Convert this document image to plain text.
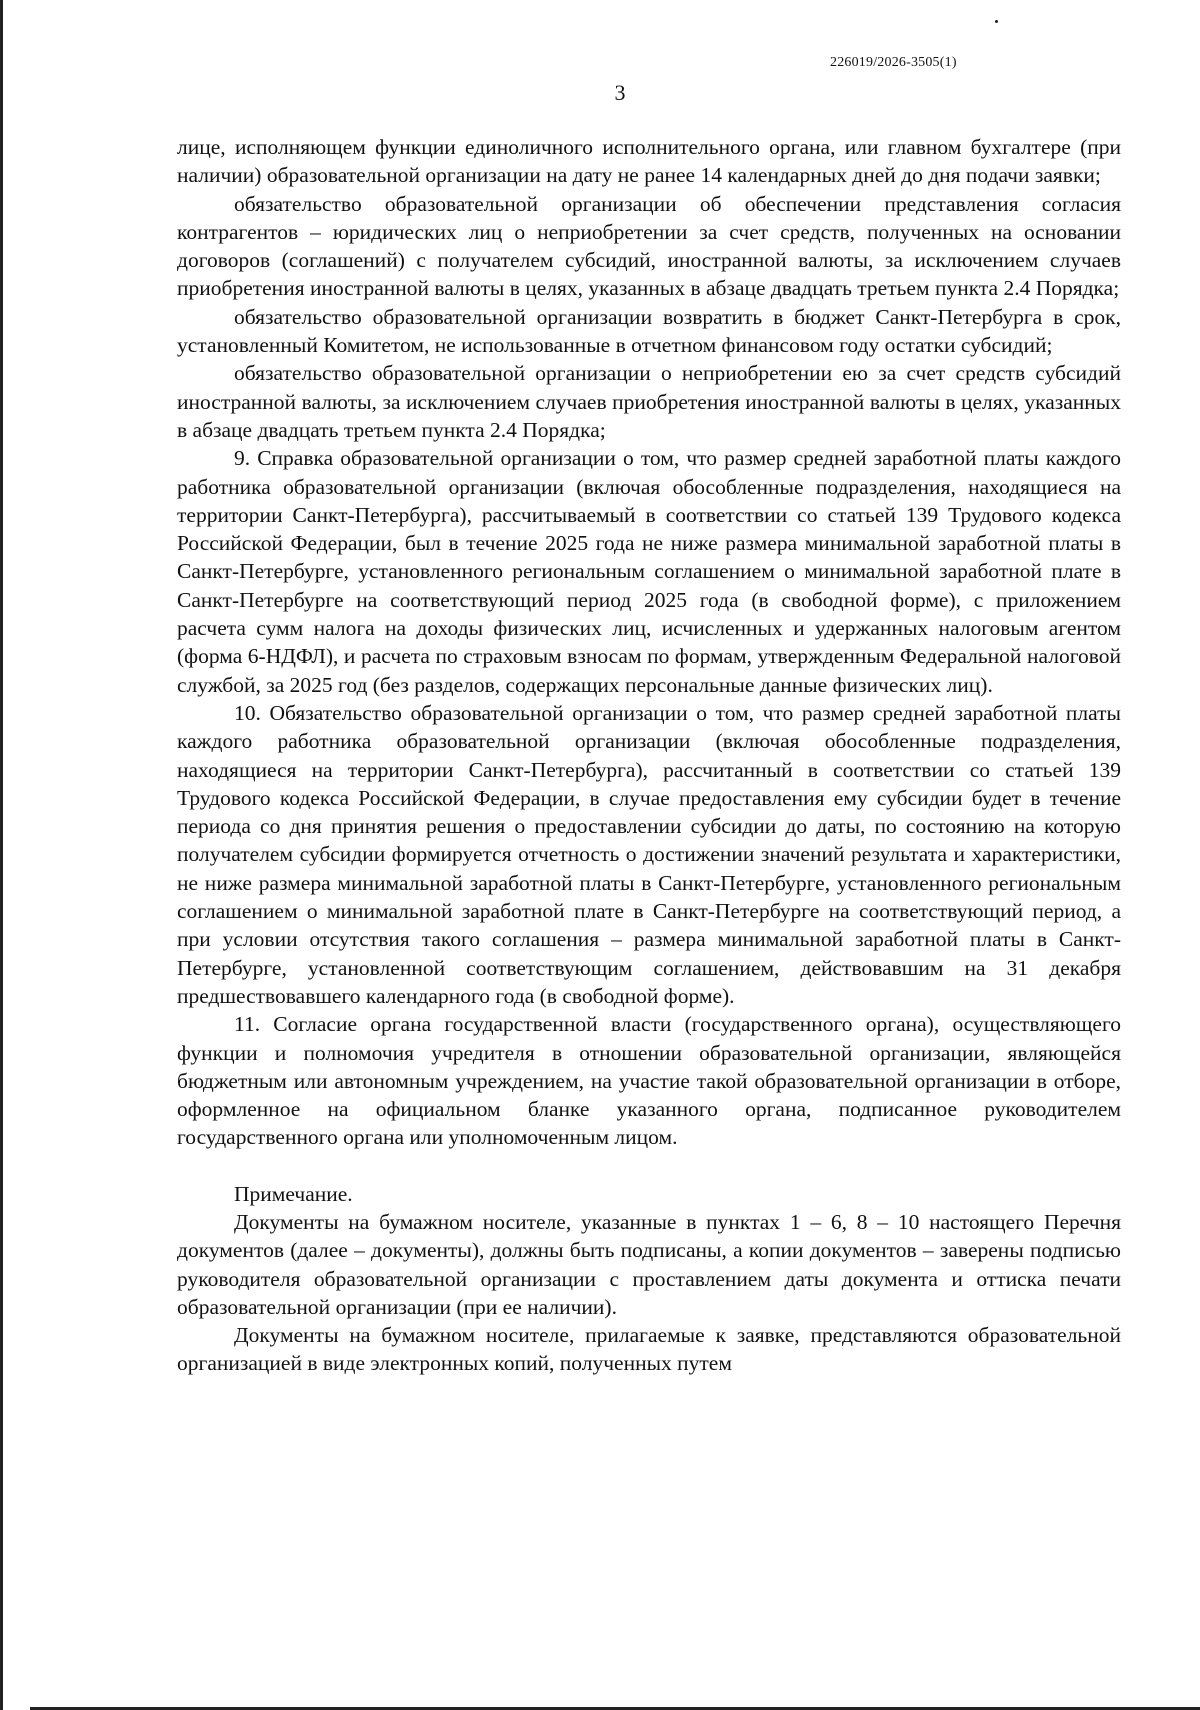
226019/2026-3505(1)
3

лице, исполняющем функции единоличного исполнительного органа, или главном бухгалтере (при наличии) образовательной организации на дату не ранее 14 календарных дней до дня подачи заявки;

обязательство образовательной организации об обеспечении представления согласия контрагентов – юридических лиц о неприобретении за счет средств, полученных на основании договоров (соглашений) с получателем субсидий, иностранной валюты, за исключением случаев приобретения иностранной валюты в целях, указанных в абзаце двадцать третьем пункта 2.4 Порядка;

обязательство образовательной организации возвратить в бюджет Санкт-Петербурга в срок, установленный Комитетом, не использованные в отчетном финансовом году остатки субсидий;

обязательство образовательной организации о неприобретении ею за счет средств субсидий иностранной валюты, за исключением случаев приобретения иностранной валюты в целях, указанных в абзаце двадцать третьем пункта 2.4 Порядка;

9. Справка образовательной организации о том, что размер средней заработной платы каждого работника образовательной организации (включая обособленные подразделения, находящиеся на территории Санкт-Петербурга), рассчитываемый в соответствии со статьей 139 Трудового кодекса Российской Федерации, был в течение 2025 года не ниже размера минимальной заработной платы в Санкт-Петербурге, установленного региональным соглашением о минимальной заработной плате в Санкт-Петербурге на соответствующий период 2025 года (в свободной форме), с приложением расчета сумм налога на доходы физических лиц, исчисленных и удержанных налоговым агентом (форма 6-НДФЛ), и расчета по страховым взносам по формам, утвержденным Федеральной налоговой службой, за 2025 год (без разделов, содержащих персональные данные физических лиц).

10. Обязательство образовательной организации о том, что размер средней заработной платы каждого работника образовательной организации (включая обособленные подразделения, находящиеся на территории Санкт-Петербурга), рассчитанный в соответствии со статьей 139 Трудового кодекса Российской Федерации, в случае предоставления ему субсидии будет в течение периода со дня принятия решения о предоставлении субсидии до даты, по состоянию на которую получателем субсидии формируется отчетность о достижении значений результата и характеристики, не ниже размера минимальной заработной платы в Санкт-Петербурге, установленного региональным соглашением о минимальной заработной плате в Санкт-Петербурге на соответствующий период, а при условии отсутствия такого соглашения – размера минимальной заработной платы в Санкт-Петербурге, установленной соответствующим соглашением, действовавшим на 31 декабря предшествовавшего календарного года (в свободной форме).

11. Согласие органа государственной власти (государственного органа), осуществляющего функции и полномочия учредителя в отношении образовательной организации, являющейся бюджетным или автономным учреждением, на участие такой образовательной организации в отборе, оформленное на официальном бланке указанного органа, подписанное руководителем государственного органа или уполномоченным лицом.

Примечание.

Документы на бумажном носителе, указанные в пунктах 1 – 6, 8 – 10 настоящего Перечня документов (далее – документы), должны быть подписаны, а копии документов – заверены подписью руководителя образовательной организации с проставлением даты документа и оттиска печати образовательной организации (при ее наличии).

Документы на бумажном носителе, прилагаемые к заявке, представляются образовательной организацией в виде электронных копий, полученных путем
